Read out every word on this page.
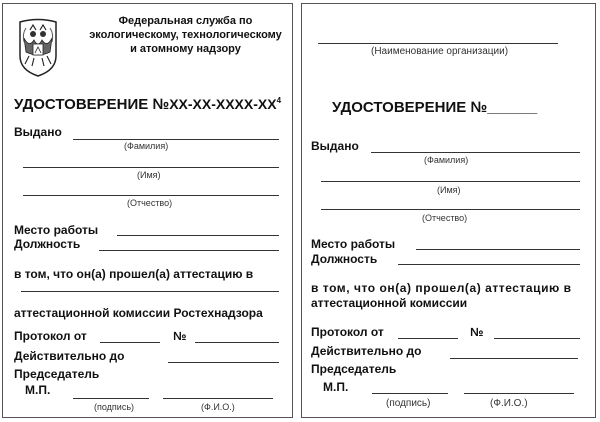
Федеральная служба по
экологическому, технологическому
и атомному надзору
УДОСТОВЕРЕНИЕ $№XX-XX-XXXX-XX^4$
Выдано
(Фамилия)
(Имя)
(Отчество)
Место работы
Должность
в том, что он(а) прошел(а) аттестацию в
аттестационной комиссии Ростехнадзора
Протокол от	№
Действительно до
Председатель
М.П.
(подпись)	(Ф.И.О.)
(Наименование организации)
УДОСТОВЕРЕНИЕ №______
Выдано
(Фамилия)
(Имя)
(Отчество)
Место работы
Должность
в том, что он(а) прошел(а) аттестацию в
аттестационной комиссии
Протокол от	№
Действительно до
Председатель
М.П.
(подпись)	(Ф.И.О.)
